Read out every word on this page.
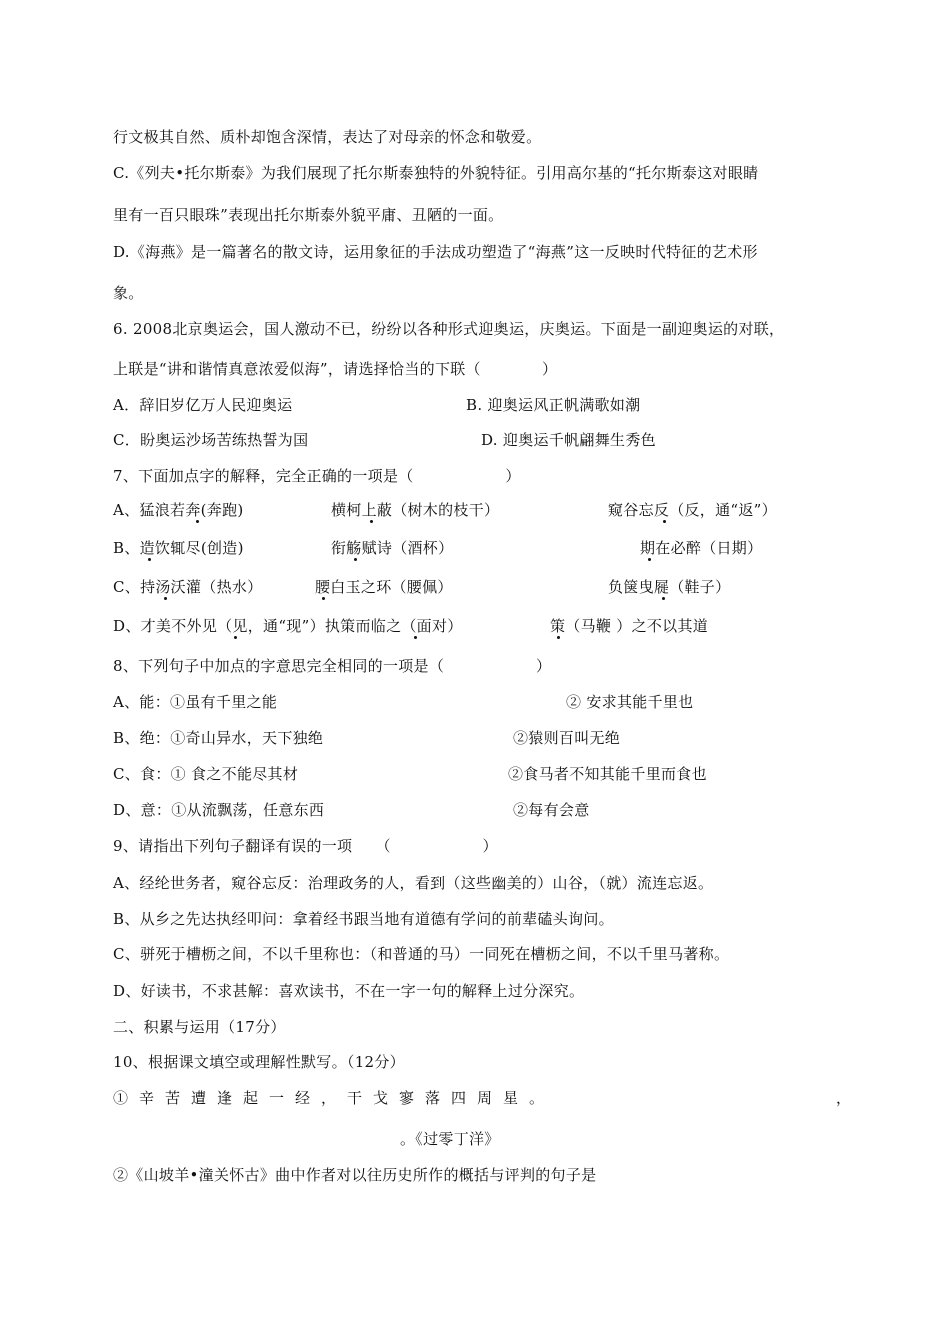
行文极其自然、质朴却饱含深情，表达了对母亲的怀念和敬爱。
C.《列夫•托尔斯泰》为我们展现了托尔斯泰独特的外貌特征。引用高尔基的“托尔斯泰这对眼睛
里有一百只眼珠”表现出托尔斯泰外貌平庸、丑陋的一面。
D.《海燕》是一篇著名的散文诗，运用象征的手法成功塑造了“海燕”这一反映时代特征的艺术形
象。
6. 2008北京奥运会，国人激动不已，纷纷以各种形式迎奥运，庆奥运。下面是一副迎奥运的对联，
上联是“讲和谐情真意浓爱似海”，请选择恰当的下联（　　　　）
A．辞旧岁亿万人民迎奥运	B. 迎奥运风正帆满歌如潮
C．盼奥运沙场苦练热誓为国	D. 迎奥运千帆翩舞生秀色
7、下面加点字的解释，完全正确的一项是（　　　　　　）
A、猛浪若奔(奔跑)	横柯上蔽（树木的枝干）	窥谷忘反（反，通“返”）
B、造饮辄尽(创造)	衔觞赋诗（酒杯）	期在必醉（日期）
C、持汤沃灌（热水）	腰白玉之环（腰佩）	负箧曳屣（鞋子）
D、才美不外见（见，通“现”）执策而临之（面对）	策（马鞭 ）之不以其道
8、下列句子中加点的字意思完全相同的一项是（　　　　　　）
A、能：①虽有千里之能	② 安求其能千里也
B、绝：①奇山异水，天下独绝	②猿则百叫无绝
C、食：① 食之不能尽其材	②食马者不知其能千里而食也
D、意：①从流飘荡，任意东西	②每有会意
9、请指出下列句子翻译有误的一项　　（　　　　　　）
A、经纶世务者，窥谷忘反：治理政务的人，看到（这些幽美的）山谷，（就）流连忘返。
B、从乡之先达执经叩问：拿着经书跟当地有道德有学问的前辈磕头询问。
C、骈死于槽枥之间，不以千里称也：（和普通的马）一同死在槽枥之间，不以千里马著称。
D、好读书，不求甚解：喜欢读书，不在一字一句的解释上过分深究。
二、积累与运用（17分）
10、根据课文填空或理解性默写。（12分）
①辛苦遭逢起一经，干戈寥落四周星。	，
。《过零丁洋》
②《山坡羊•潼关怀古》曲中作者对以往历史所作的概括与评判的句子是
